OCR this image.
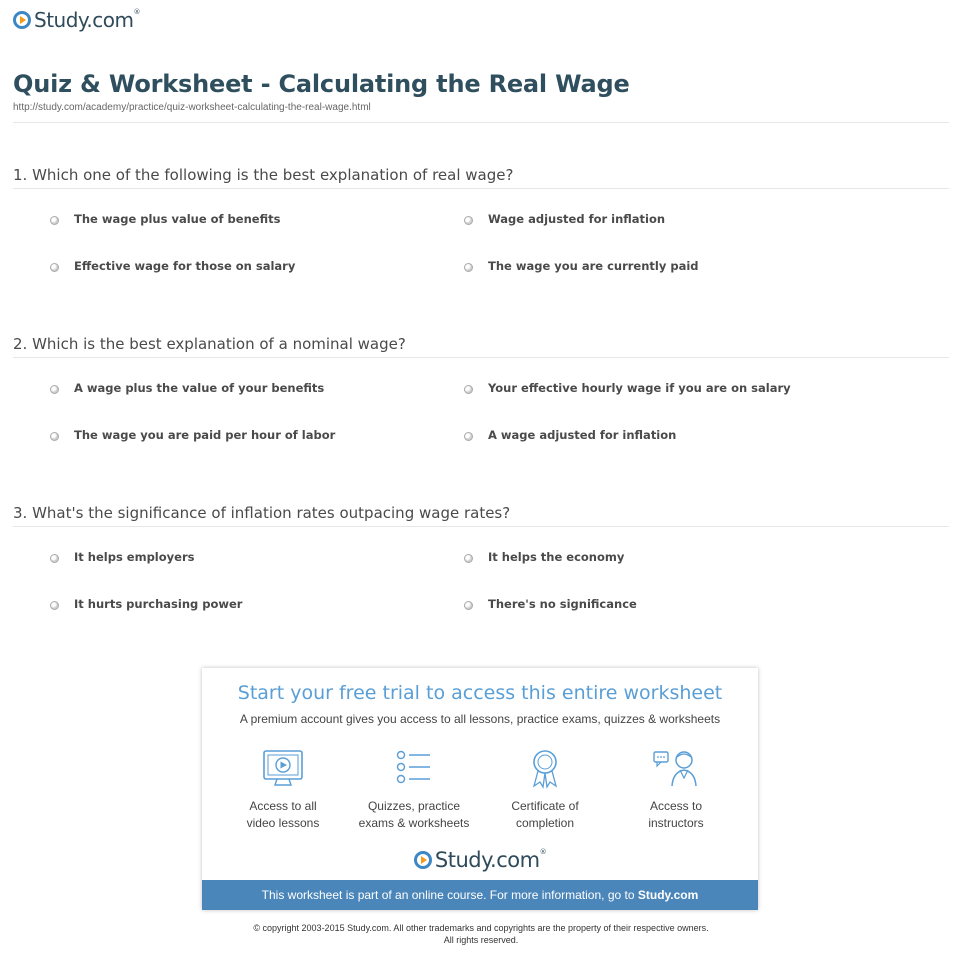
Study.com®
Quiz & Worksheet - Calculating the Real Wage
http://study.com/academy/practice/quiz-worksheet-calculating-the-real-wage.html
1. Which one of the following is the best explanation of real wage?
The wage plus value of benefits	Wage adjusted for inflation
Effective wage for those on salary	The wage you are currently paid
2. Which is the best explanation of a nominal wage?
A wage plus the value of your benefits	Your effective hourly wage if you are on salary
The wage you are paid per hour of labor	A wage adjusted for inflation
3. What's the significance of inflation rates outpacing wage rates?
It helps employers	It helps the economy
It hurts purchasing power	There's no significance
Start your free trial to access this entire worksheet
A premium account gives you access to all lessons, practice exams, quizzes & worksheets
Access to all
video lessons
Quizzes, practice
exams & worksheets
Certificate of
completion
Access to
instructors
Study.com®
This worksheet is part of an online course. For more information, go to Study.com
© copyright 2003-2015 Study.com. All other trademarks and copyrights are the property of their respective owners.
All rights reserved.
